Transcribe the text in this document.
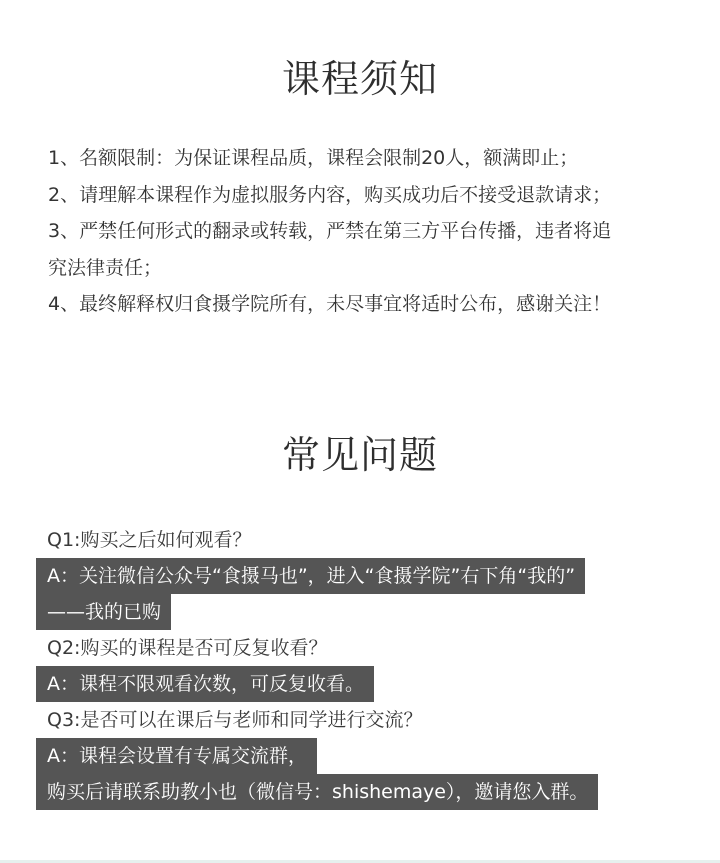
课程须知

1、名额限制：为保证课程品质，课程会限制20人，额满即止；

2、请理解本课程作为虚拟服务内容，购买成功后不接受退款请求；

3、严禁任何形式的翻录或转载，严禁在第三方平台传播，违者将追

究法律责任；

4、最终解释权归食摄学院所有，未尽事宜将适时公布，感谢关注！

常见问题

Q1:购买之后如何观看？

A：关注微信公众号“食摄马也”，进入“食摄学院”右下角“我的”
——我的已购

Q2:购买的课程是否可反复收看？

A：课程不限观看次数，可反复收看。

Q3:是否可以在课后与老师和同学进行交流？

A：课程会设置有专属交流群，
购买后请联系助教小也（微信号：shishemaye），邀请您入群。
